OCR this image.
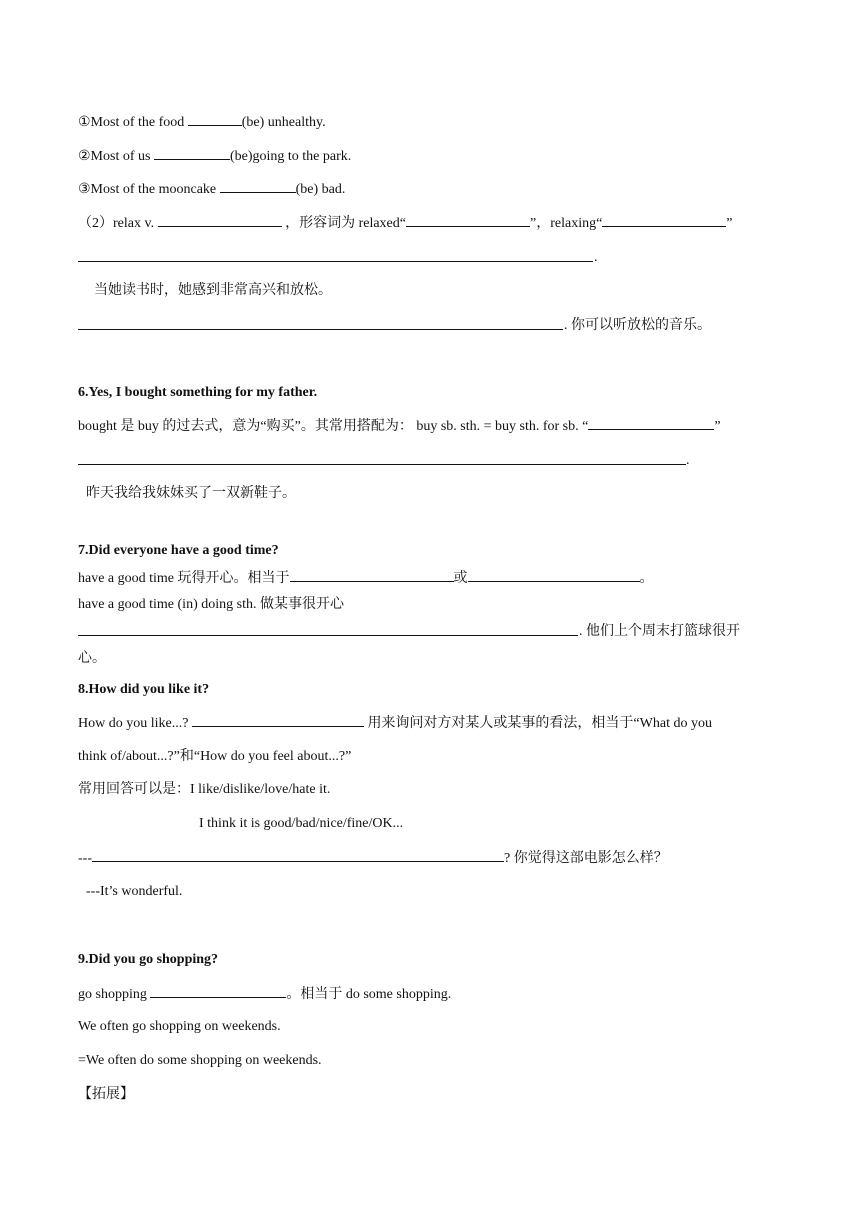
①Most of the food	(be) unhealthy.
②Most of us	(be)going to the park.
③Most of the mooncake	(be) bad.
（2）relax v.	，形容词为 relaxed“	”，relaxing“	”
.
当她读书时，她感到非常高兴和放松。
. 你可以听放松的音乐。
6.Yes, I bought something for my father.
bought 是 buy 的过去式，意为“购买”。其常用搭配为： buy sb. sth. = buy sth. for sb. “	”
.
昨天我给我妹妹买了一双新鞋子。
7.Did everyone have a good time?
have a good time 玩得开心。相当于	或	。
have a good time (in) doing sth. 做某事很开心
. 他们上个周末打篮球很开
心。
8.How did you like it?
How do you like...?	用来询问对方对某人或某事的看法，相当于“What do you
think of/about...?”和“How do you feel about...?”
常用回答可以是：I like/dislike/love/hate it.
I think it is good/bad/nice/fine/OK...
---	? 你觉得这部电影怎么样？
---It’s wonderful.
9.Did you go shopping?
go shopping	。相当于 do some shopping.
We often go shopping on weekends.
=We often do some shopping on weekends.
【拓展】
